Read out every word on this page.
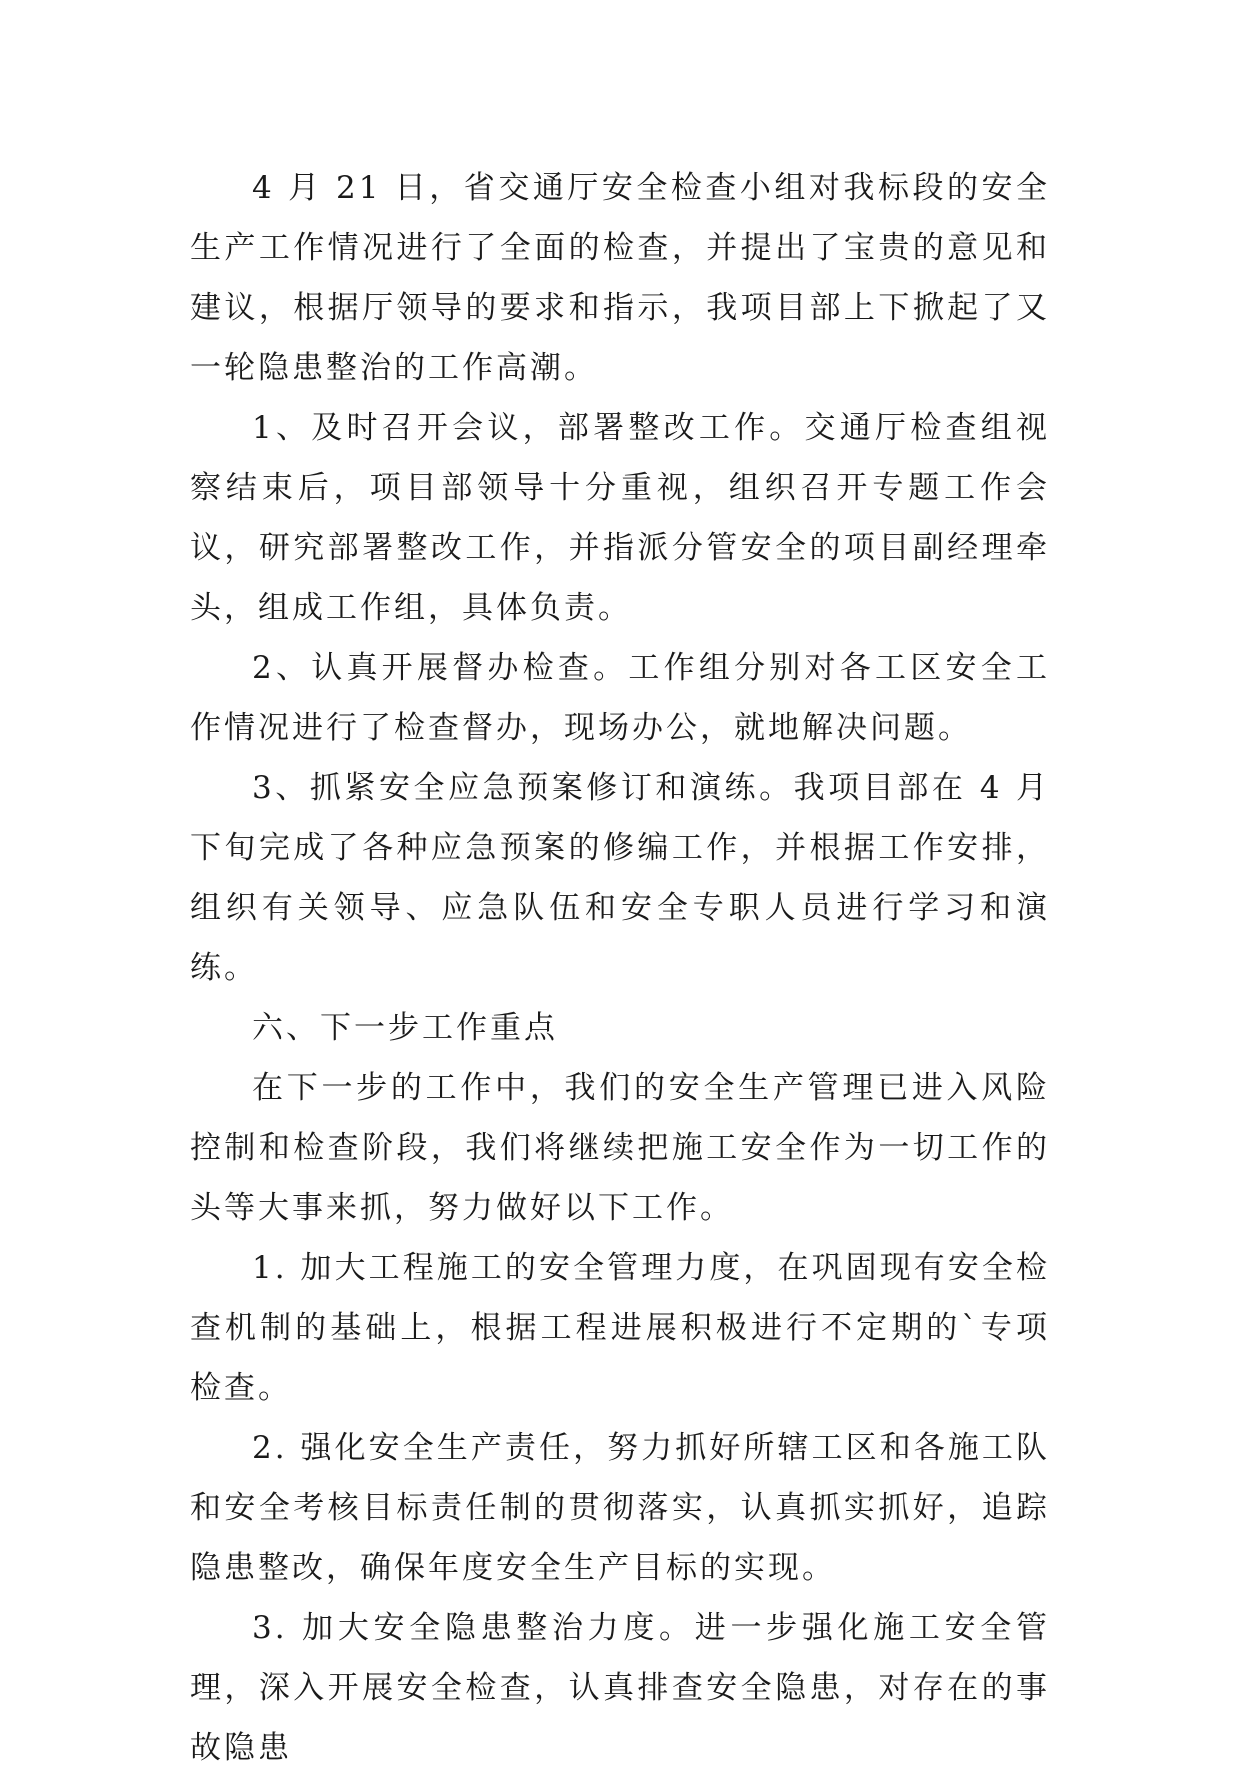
4 月 21 日，省交通厅安全检查小组对我标段的安全生产工作情况进行了全面的检查，并提出了宝贵的意见和建议，根据厅领导的要求和指示，我项目部上下掀起了又一轮隐患整治的工作高潮。

1、及时召开会议，部署整改工作。交通厅检查组视察结束后，项目部领导十分重视，组织召开专题工作会议，研究部署整改工作，并指派分管安全的项目副经理牵头，组成工作组，具体负责。

2、认真开展督办检查。工作组分别对各工区安全工作情况进行了检查督办，现场办公，就地解决问题。

3、抓紧安全应急预案修订和演练。我项目部在 4 月下旬完成了各种应急预案的修编工作，并根据工作安排，组织有关领导、应急队伍和安全专职人员进行学习和演练。

六、下一步工作重点

在下一步的工作中，我们的安全生产管理已进入风险控制和检查阶段，我们将继续把施工安全作为一切工作的头等大事来抓，努力做好以下工作。

1. 加大工程施工的安全管理力度，在巩固现有安全检查机制的基础上，根据工程进展积极进行不定期的`专项检查。

2. 强化安全生产责任，努力抓好所辖工区和各施工队和安全考核目标责任制的贯彻落实，认真抓实抓好，追踪隐患整改，确保年度安全生产目标的实现。

3. 加大安全隐患整治力度。进一步强化施工安全管理，深入开展安全检查，认真排查安全隐患，对存在的事故隐患
